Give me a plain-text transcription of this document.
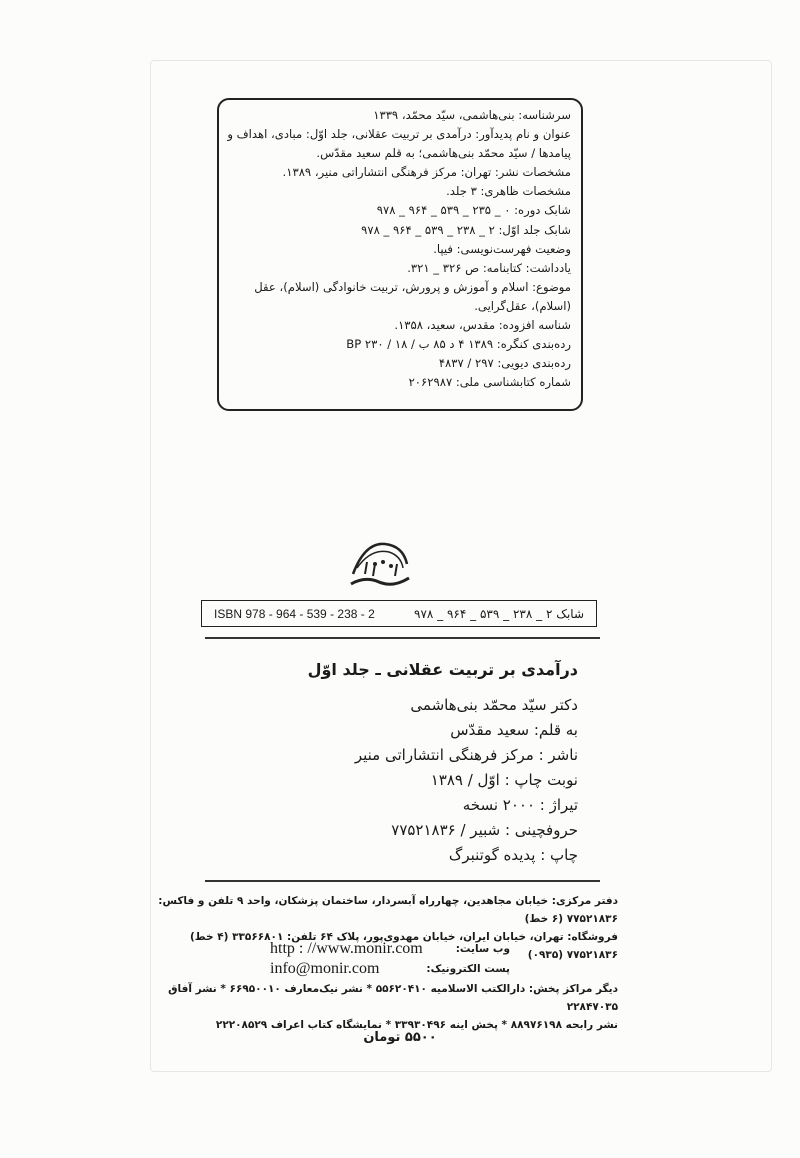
سرشناسه: بنی‌هاشمی، سیّد محمّد، ۱۳۳۹
عنوان و نام پدیدآور: درآمدی بر تربیت عقلانی، جلد اوّل: مبادی، اهداف و
پیامدها / سیّد محمّد بنی‌هاشمی؛ به قلم سعید مقدّس.
مشخصات نشر: تهران: مرکز فرهنگی انتشاراتی منیر، ۱۳۸۹.
مشخصات ظاهری: ۳ جلد.
شابک دوره: ۰ _ ۲۳۵ _ ۵۳۹ _ ۹۶۴ _ ۹۷۸
شابک جلد اوّل: ۲ _ ۲۳۸ _ ۵۳۹ _ ۹۶۴ _ ۹۷۸
وضعیت فهرست‌نویسی: فیپا.
یادداشت: کتابنامه: ص ۳۲۶ _ ۳۲۱.
موضوع: اسلام و آموزش و پرورش، تربیت خانوادگی (اسلام)، عقل
(اسلام)، عقل‌گرایی.
شناسه افزوده: مقدس، سعید، ۱۳۵۸.
رده‌بندی کنگره: ۱۳۸۹ ۴ د ۸۵ ب / ۱۸ / BP ۲۳۰
رده‌بندی دیویی: ۲۹۷ / ۴۸۳۷
شماره کتابشناسی ملی: ۲۰۶۲۹۸۷
ISBN 978 - 964 - 539 - 238 - 2	شابک ۲ _ ۲۳۸ _ ۵۳۹ _ ۹۶۴ _ ۹۷۸
درآمدی بر تربیت عقلانی ـ جلد اوّل
دکتر سیّد محمّد بنی‌هاشمی
به قلم: سعید مقدّس
ناشر : مرکز فرهنگی انتشاراتی منیر
نوبت چاپ : اوّل / ۱۳۸۹
تیراژ : ۲۰۰۰ نسخه
حروفچینی : شبیر / ۷۷۵۲۱۸۳۶
چاپ : پدیده گوتنبرگ
دفتر مرکزی: خیابان مجاهدین، چهارراه آبسردار، ساختمان پزشکان، واحد ۹ تلفن و فاکس: ۷۷۵۲۱۸۳۶ (۶ خط)
فروشگاه: تهران، خیابان ایران، خیابان مهدوی‌پور، پلاک ۶۴ تلفن: ۳۳۵۶۶۸۰۱ (۴ خط) ۷۷۵۲۱۸۳۶ (۰۹۳۵)
http : //www.monir.com	وب سایت:
info@monir.com	پست الکترونیک:
دیگر مراکز پخش: دارالکتب الاسلامیه ۵۵۶۲۰۴۱۰ * نشر نیک‌معارف ۶۶۹۵۰۰۱۰ * نشر آفاق ۲۲۸۴۷۰۳۵
نشر رابحه ۸۸۹۷۶۱۹۸ * پخش اینه ۳۳۹۳۰۴۹۶ * نمایشگاه کتاب اعراف ۲۲۲۰۸۵۲۹
۵۵۰۰ تومان
